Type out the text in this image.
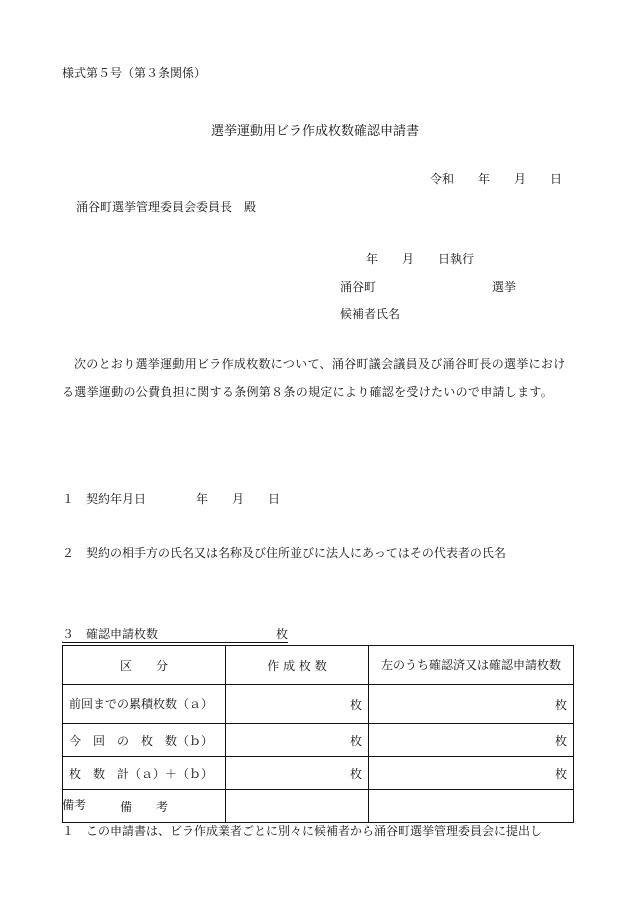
様式第５号（第３条関係）
選挙運動用ビラ作成枚数確認申請書
令和　　年　　月　　日
涌谷町選挙管理委員会委員長　殿
年　　月　　日執行
涌谷町	選挙
候補者氏名
次のとおり選挙運動用ビラ作成枚数について、涌谷町議会議員及び涌谷町長の選挙における選挙運動の公費負担に関する条例第８条の規定により確認を受けたいので申請します。
１　契約年月日	年　　月　　日
２　契約の相手方の氏名又は名称及び住所並びに法人にあってはその代表者の氏名
３　確認申請枚数	枚
区　　分	作 成 枚 数	左のうち確認済又は確認申請枚数
前回までの累積枚数（ａ）	枚	枚
今　回　の　枚　数（ｂ）	枚	枚
枚　数　計（ａ）＋（ｂ）	枚	枚
備　　考		
備考
１　この申請書は、ビラ作成業者ごとに別々に候補者から涌谷町選挙管理委員会に提出し
